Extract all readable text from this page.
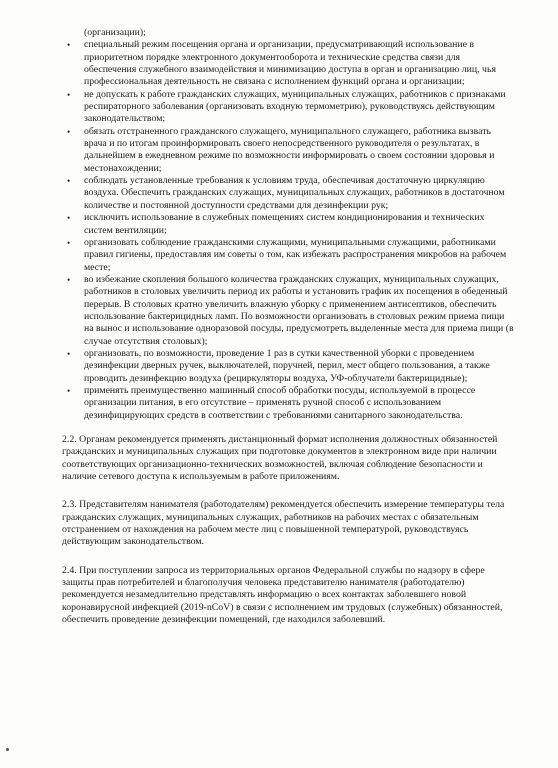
(организации);

• специальный режим посещения органа и организации, предусматривающий использование в приоритетном порядке электронного документооборота и технические средства связи для обеспечения служебного взаимодействия и минимизацию доступа в орган и организацию лиц, чья профессиональная деятельность не связана с исполнением функций органа и организации;
• не допускать к работе гражданских служащих, муниципальных служащих, работников с признаками респираторного заболевания (организовать входную термометрию), руководствуясь действующим законодательством;
• обязать отстраненного гражданского служащего, муниципального служащего, работника вызвать врача и по итогам проинформировать своего непосредственного руководителя о результатах, в дальнейшем в ежедневном режиме по возможности информировать о своем состоянии здоровья и местонахождении;
• соблюдать установленные требования к условиям труда, обеспечивая достаточную циркуляцию воздуха. Обеспечить гражданских служащих, муниципальных служащих, работников в достаточном количестве и постоянной доступности средствами для дезинфекции рук;
• исключить использование в служебных помещениях систем кондиционирования и технических систем вентиляции;
• организовать соблюдение гражданскими служащими, муниципальными служащими, работниками правил гигиены, предоставляя им советы о том, как избежать распространения микробов на рабочем месте;
• во избежание скопления большого количества гражданских служащих, муниципальных служащих, работников в столовых увеличить период их работы и установить график их посещения в обеденный перерыв. В столовых кратно увеличить влажную уборку с применением антисептиков, обеспечить использование бактерицидных ламп. По возможности организовать в столовых режим приема пищи на вынос и использование одноразовой посуды, предусмотреть выделенные места для приема пищи (в случае отсутствия столовых);
• организовать, по возможности, проведение 1 раз в сутки качественной уборки с проведением дезинфекции дверных ручек, выключателей, поручней, перил, мест общего пользования, а также проводить дезинфекцию воздуха (рециркуляторы воздуха, УФ-облучатели бактерицидные);
• применять преимущественно машинный способ обработки посуды, используемой в процессе организации питания, в его отсутствие – применять ручной способ с использованием дезинфицирующих средств в соответствии с требованиями санитарного законодательства.

2.2. Органам рекомендуется применять дистанционный формат исполнения должностных обязанностей гражданских и муниципальных служащих при подготовке документов в электронном виде при наличии соответствующих организационно-технических возможностей, включая соблюдение безопасности и наличие сетевого доступа к используемым в работе приложениям.

2.3. Представителям нанимателя (работодателям) рекомендуется обеспечить измерение температуры тела гражданских служащих, муниципальных служащих, работников на рабочих местах с обязательным отстранением от нахождения на рабочем месте лиц с повышенной температурой, руководствуясь действующим законодательством.

2.4. При поступлении запроса из территориальных органов Федеральной службы по надзору в сфере защиты прав потребителей и благополучия человека представителю нанимателя (работодателю) рекомендуется незамедлительно представлять информацию о всех контактах заболевшего новой коронавирусной инфекцией (2019-nCoV) в связи с исполнением им трудовых (служебных) обязанностей, обеспечить проведение дезинфекции помещений, где находился заболевший.
